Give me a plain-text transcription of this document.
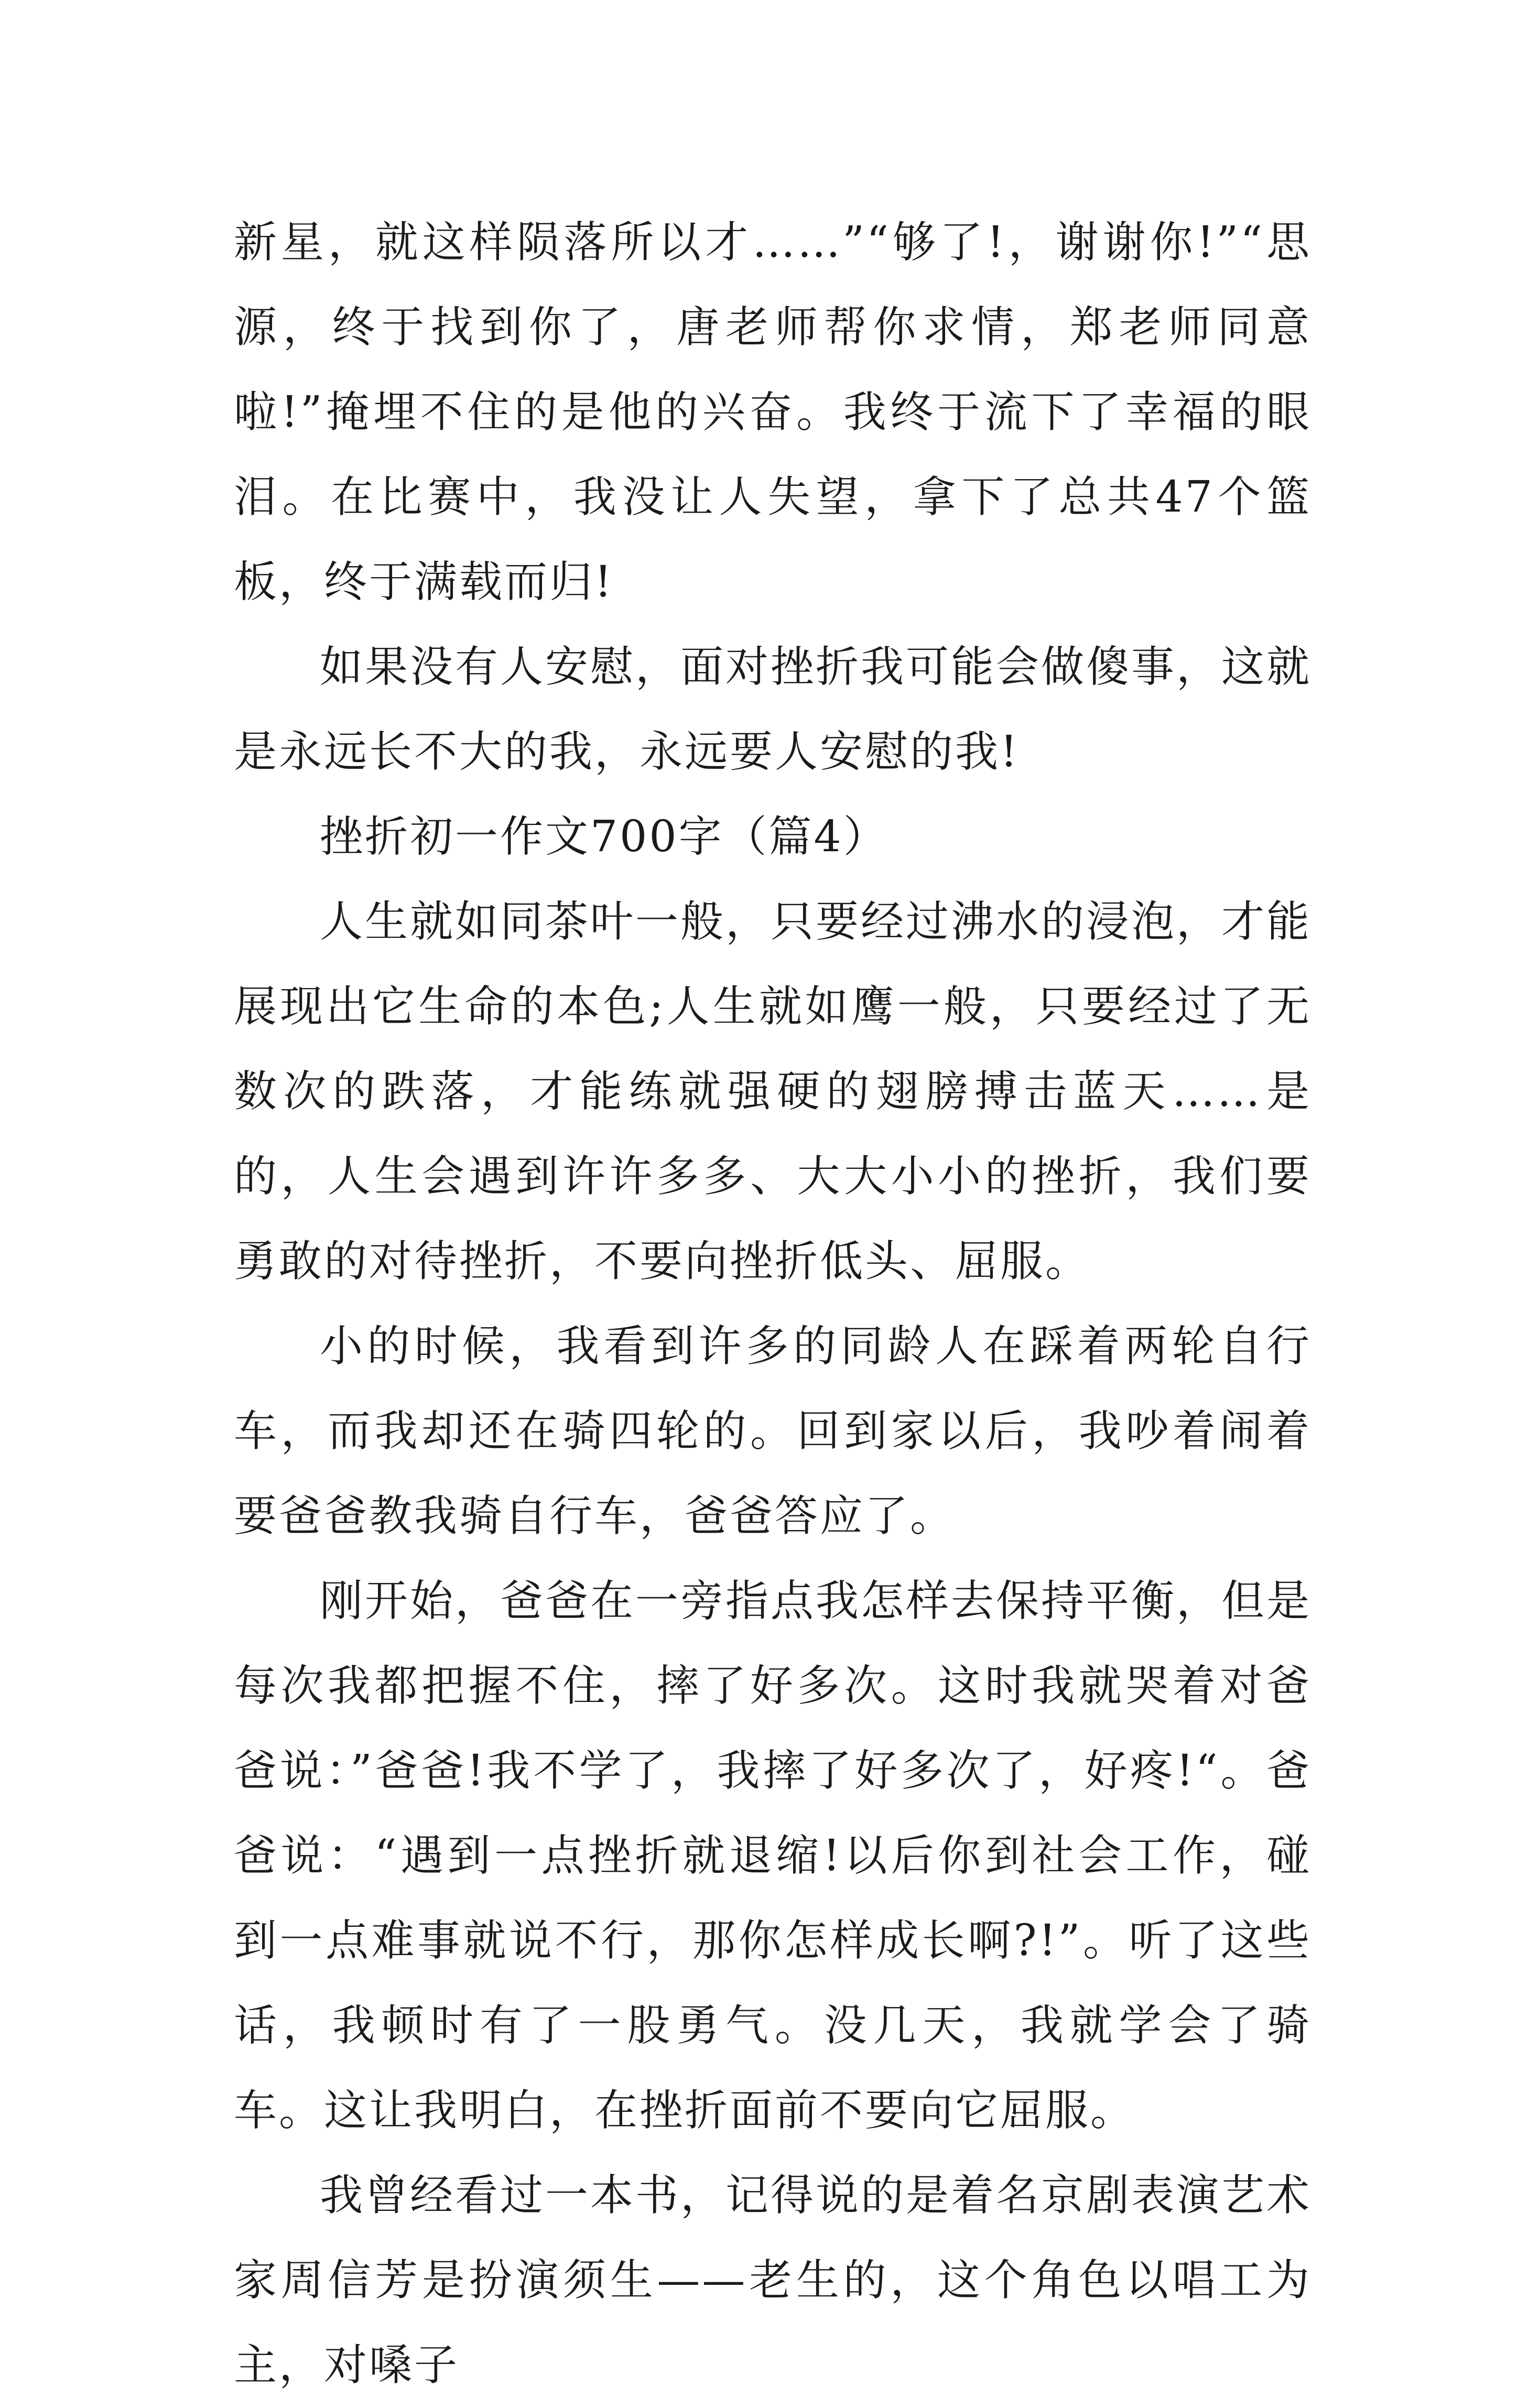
新星，就这样陨落所以才……”“够了!，谢谢你!”“思源，终于找到你了，唐老师帮你求情，郑老师同意啦!”掩埋不住的是他的兴奋。我终于流下了幸福的眼泪。在比赛中，我没让人失望，拿下了总共47个篮板，终于满载而归!

如果没有人安慰，面对挫折我可能会做傻事，这就是永远长不大的我，永远要人安慰的我!

挫折初一作文700字（篇4）

人生就如同茶叶一般，只要经过沸水的浸泡，才能展现出它生命的本色;人生就如鹰一般，只要经过了无数次的跌落，才能练就强硬的翅膀搏击蓝天……是的，人生会遇到许许多多、大大小小的挫折，我们要勇敢的对待挫折，不要向挫折低头、屈服。

小的时候，我看到许多的同龄人在踩着两轮自行车，而我却还在骑四轮的。回到家以后，我吵着闹着要爸爸教我骑自行车，爸爸答应了。

刚开始，爸爸在一旁指点我怎样去保持平衡，但是每次我都把握不住，摔了好多次。这时我就哭着对爸爸说：”爸爸!我不学了，我摔了好多次了，好疼!“。爸爸说：“遇到一点挫折就退缩!以后你到社会工作，碰到一点难事就说不行，那你怎样成长啊?!”。听了这些话，我顿时有了一股勇气。没几天，我就学会了骑车。这让我明白，在挫折面前不要向它屈服。

我曾经看过一本书，记得说的是着名京剧表演艺术家周信芳是扮演须生——老生的，这个角色以唱工为主，对嗓子
